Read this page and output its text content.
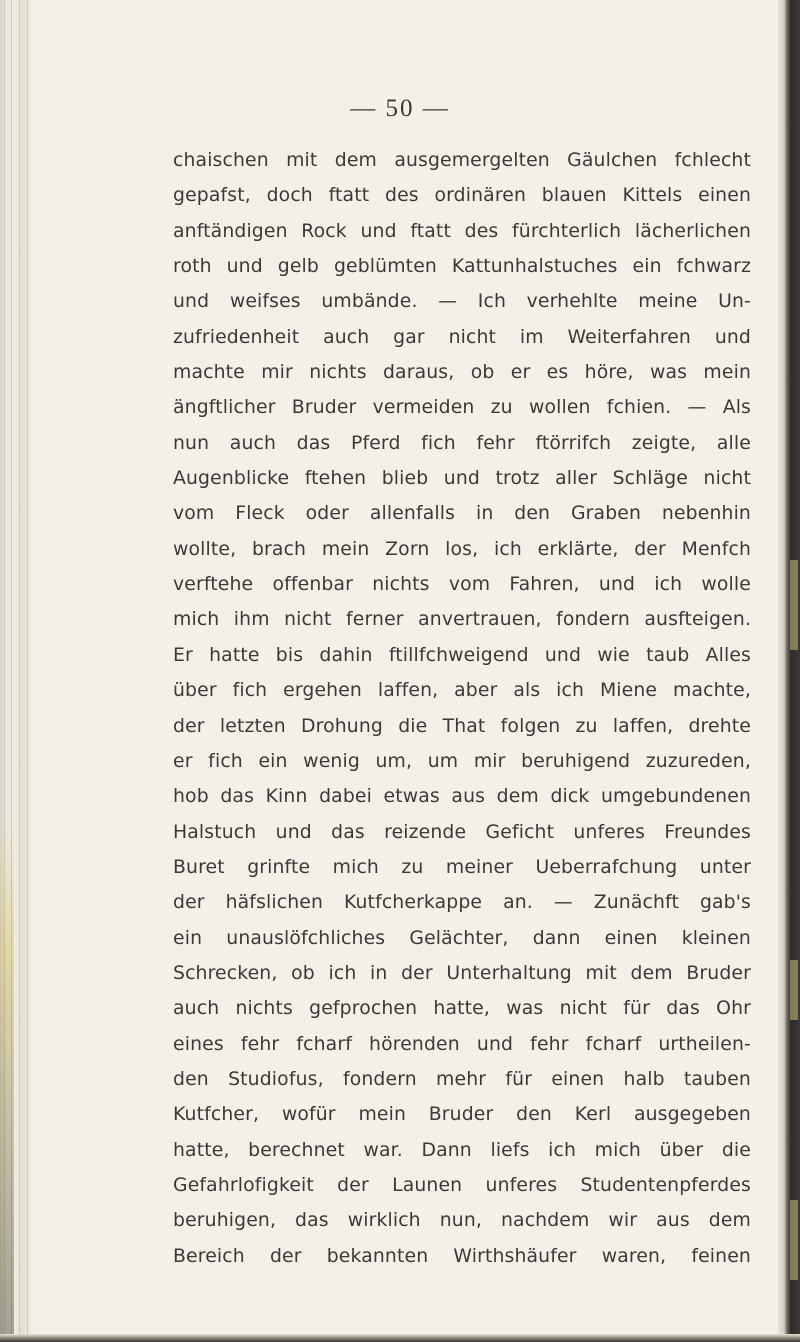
— 50 —
chaischen mit dem ausgemergelten Gäulchen fchlecht
gepafst, doch ftatt des ordinären blauen Kittels einen
anftändigen Rock und ftatt des fürchterlich lächerlichen
roth und gelb geblümten Kattunhalstuches ein fchwarz
und weifses umbände. — Ich verhehlte meine Un-
zufriedenheit auch gar nicht im Weiterfahren und
machte mir nichts daraus, ob er es höre, was mein
ängftlicher Bruder vermeiden zu wollen fchien. — Als
nun auch das Pferd fich fehr ftörrifch zeigte, alle
Augenblicke ftehen blieb und trotz aller Schläge nicht
vom Fleck oder allenfalls in den Graben nebenhin
wollte, brach mein Zorn los, ich erklärte, der Menfch
verftehe offenbar nichts vom Fahren, und ich wolle
mich ihm nicht ferner anvertrauen, fondern ausfteigen.
Er hatte bis dahin ftillfchweigend und wie taub Alles
über fich ergehen laffen, aber als ich Miene machte,
der letzten Drohung die That folgen zu laffen, drehte
er fich ein wenig um, um mir beruhigend zuzureden,
hob das Kinn dabei etwas aus dem dick umgebundenen
Halstuch und das reizende Geficht unferes Freundes
Buret grinfte mich zu meiner Ueberrafchung unter
der häfslichen Kutfcherkappe an. — Zunächft gab's
ein unauslöfchliches Gelächter, dann einen kleinen
Schrecken, ob ich in der Unterhaltung mit dem Bruder
auch nichts gefprochen hatte, was nicht für das Ohr
eines fehr fcharf hörenden und fehr fcharf urtheilen-
den Studiofus, fondern mehr für einen halb tauben
Kutfcher, wofür mein Bruder den Kerl ausgegeben
hatte, berechnet war. Dann liefs ich mich über die
Gefahrlofigkeit der Launen unferes Studentenpferdes
beruhigen, das wirklich nun, nachdem wir aus dem
Bereich der bekannten Wirthshäufer waren, feinen
